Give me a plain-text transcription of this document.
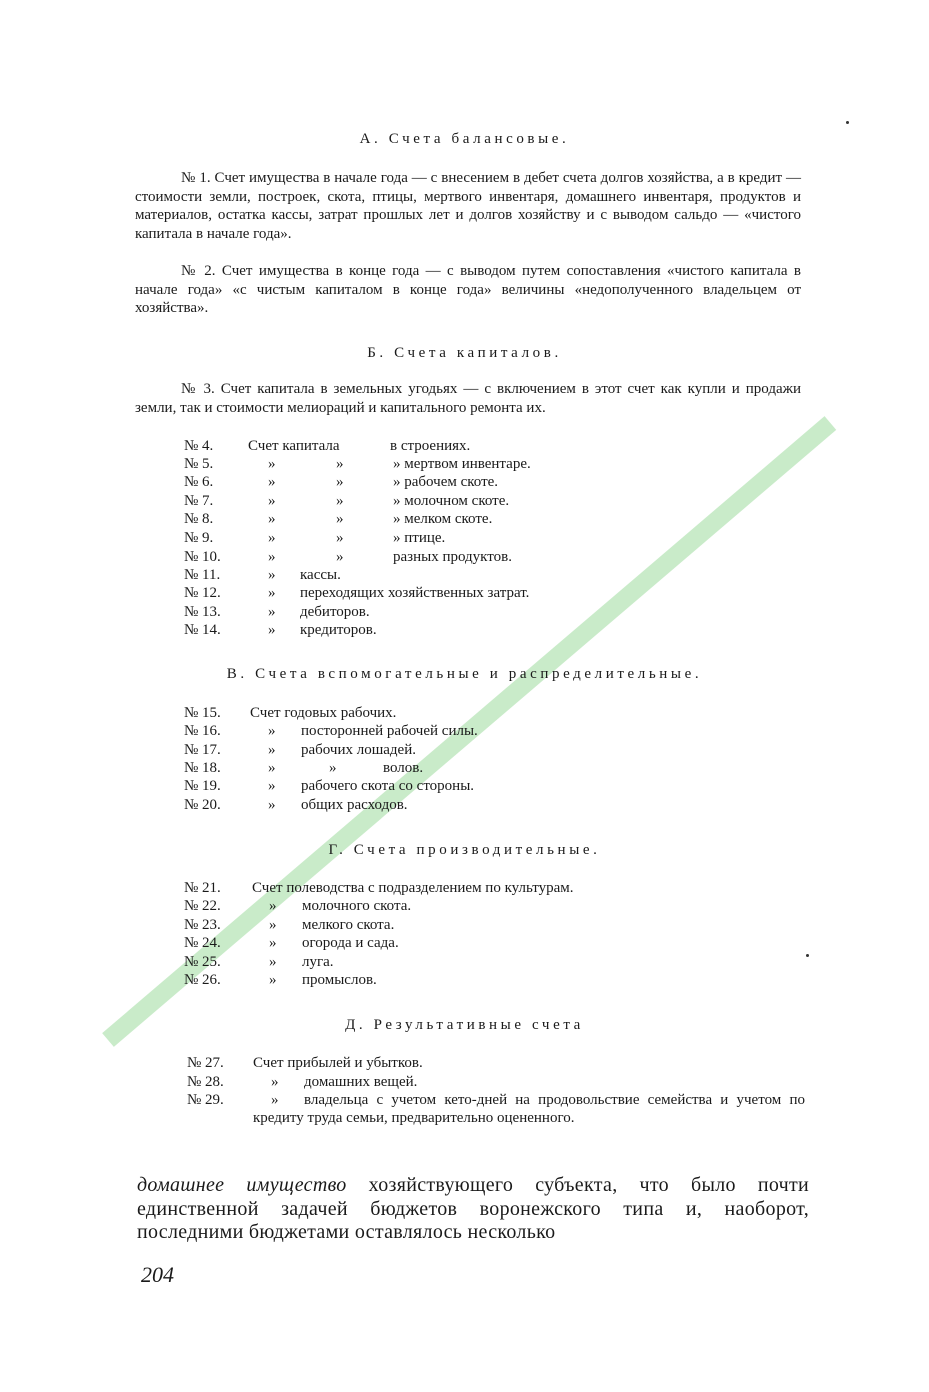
А. Счета балансовые.

№ 1. Счет имущества в начале года — с внесением в дебет счета долгов хозяйства, а в кредит — стоимости земли, построек, скота, птицы, мертвого инвентаря, домашнего инвентаря, продуктов и материалов, остатка кассы, затрат прошлых лет и долгов хозяйству и с выводом сальдо — «чистого капитала в начале года».

№ 2. Счет имущества в конце года — с выводом путем сопоставления «чистого капитала в начале года» «с чистым капиталом в конце года» величины «недополученного владельцем от хозяйства».

Б. Счета капиталов.

№ 3. Счет капитала в земельных угодьях — с включением в этот счет как купли и продажи земли, так и стоимости мелиораций и капитального ремонта их.

№ 4. Счет капитала	в строениях.
№ 5.	»	»	» мертвом инвентаре.
№ 6.	»	»	» рабочем скоте.
№ 7.	»	»	» молочном скоте.
№ 8.	»	»	» мелком скоте.
№ 9.	»	»	» птице.
№ 10.	»	»	разных продуктов.
№ 11.	» кассы.
№ 12.	» переходящих хозяйственных затрат.
№ 13.	» дебиторов.
№ 14.	» кредиторов.
В. Счета вспомогательные и распределительные.
№ 15. Счет годовых рабочих.
№ 16.	» посторонней рабочей силы.
№ 17.	» рабочих лошадей.
№ 18.	»	»	волов.
№ 19.	» рабочего скота со стороны.
№ 20.	» общих расходов.
Г. Счета производительные.
№ 21. Счет полеводства с подразделением по культурам.
№ 22.	» молочного скота.
№ 23.	» мелкого скота.
№ 24.	» огорода и сада.
№ 25.	» луга.
№ 26.	» промыслов.
Д. Результативные счета
№ 27. Счет прибылей и убытков.
№ 28.	» домашних вещей.
№ 29.	»	владельца с учетом кето-дней на продовольствие семейства и учетом по кредиту труда семьи, предварительно оцененного.
домашнее имущество хозяйствующего субъекта, что было почти единственной задачей бюджетов воронежского типа и, наоборот, последними бюджетами оставлялось несколько
204
